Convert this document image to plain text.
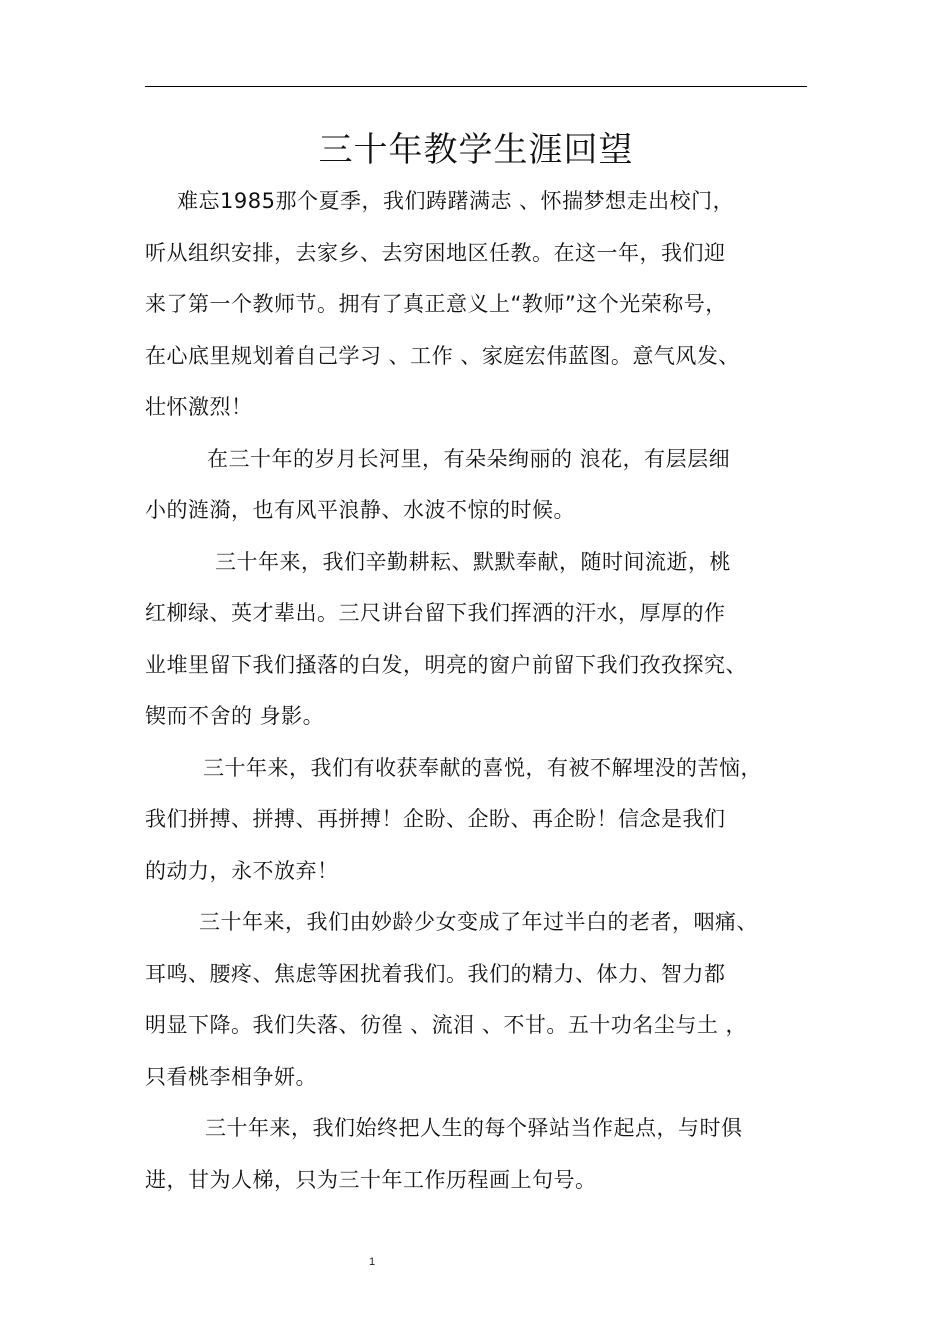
三十年教学生涯回望

难忘1985那个夏季，我们踌躇满志 、怀揣梦想走出校门，
听从组织安排，去家乡、去穷困地区任教。在这一年，我们迎
来了第一个教师节。拥有了真正意义上“教师”这个光荣称号，
在心底里规划着自己学习 、工作 、家庭宏伟蓝图。意气风发、
壮怀激烈！

在三十年的岁月长河里，有朵朵绚丽的 浪花，有层层细
小的涟漪，也有风平浪静、水波不惊的时候。

三十年来，我们辛勤耕耘、默默奉献，随时间流逝，桃
红柳绿、英才辈出。三尺讲台留下我们挥洒的汗水，厚厚的作
业堆里留下我们搔落的白发，明亮的窗户前留下我们孜孜探究、
锲而不舍的 身影。

三十年来，我们有收获奉献的喜悦，有被不解埋没的苦恼，
我们拼搏、拼搏、再拼搏！企盼、企盼、再企盼！信念是我们
的动力，永不放弃！

三十年来，我们由妙龄少女变成了年过半白的老者，咽痛、
耳鸣、腰疼、焦虑等困扰着我们。我们的精力、体力、智力都
明显下降。我们失落、彷徨 、流泪 、不甘。五十功名尘与土 ，
只看桃李相争妍。

三十年来，我们始终把人生的每个驿站当作起点，与时俱
进，甘为人梯，只为三十年工作历程画上句号。

1
